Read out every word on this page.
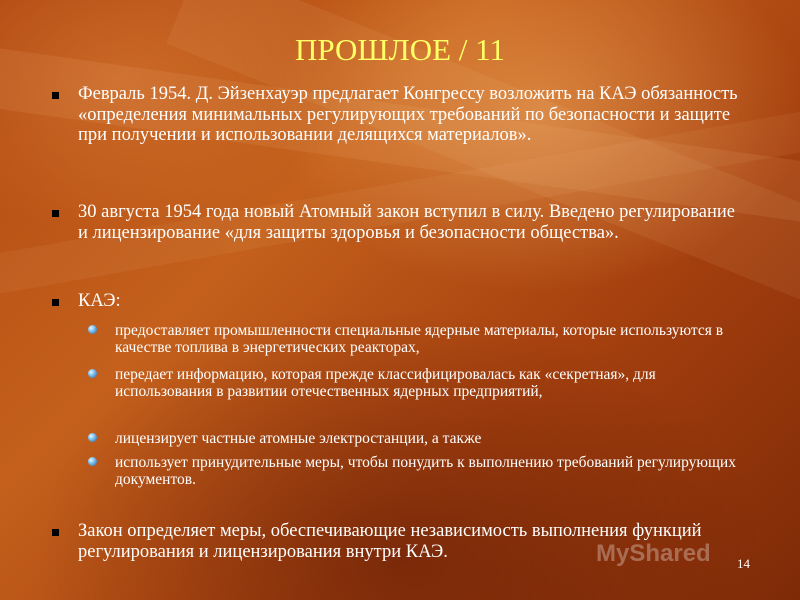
ПРОШЛОЕ / 11
Февраль 1954. Д. Эйзенхауэр предлагает Конгрессу возложить на КАЭ обязанность «определения минимальных регулирующих требований по безопасности и защите при получении и использовании делящихся материалов».
30 августа 1954 года новый Атомный закон вступил в силу. Введено регулирование и лицензирование «для защиты здоровья и безопасности общества».
КАЭ:
предоставляет промышленности специальные ядерные материалы, которые используются в качестве топлива в энергетических реакторах,
передает информацию, которая прежде классифицировалась как «секретная», для использования в развитии отечественных ядерных предприятий,
лицензирует частные атомные электростанции, а также
использует принудительные меры, чтобы понудить к выполнению требований регулирующих документов.
Закон определяет меры, обеспечивающие независимость выполнения функций регулирования и лицензирования внутри КАЭ.	MyShared 14
